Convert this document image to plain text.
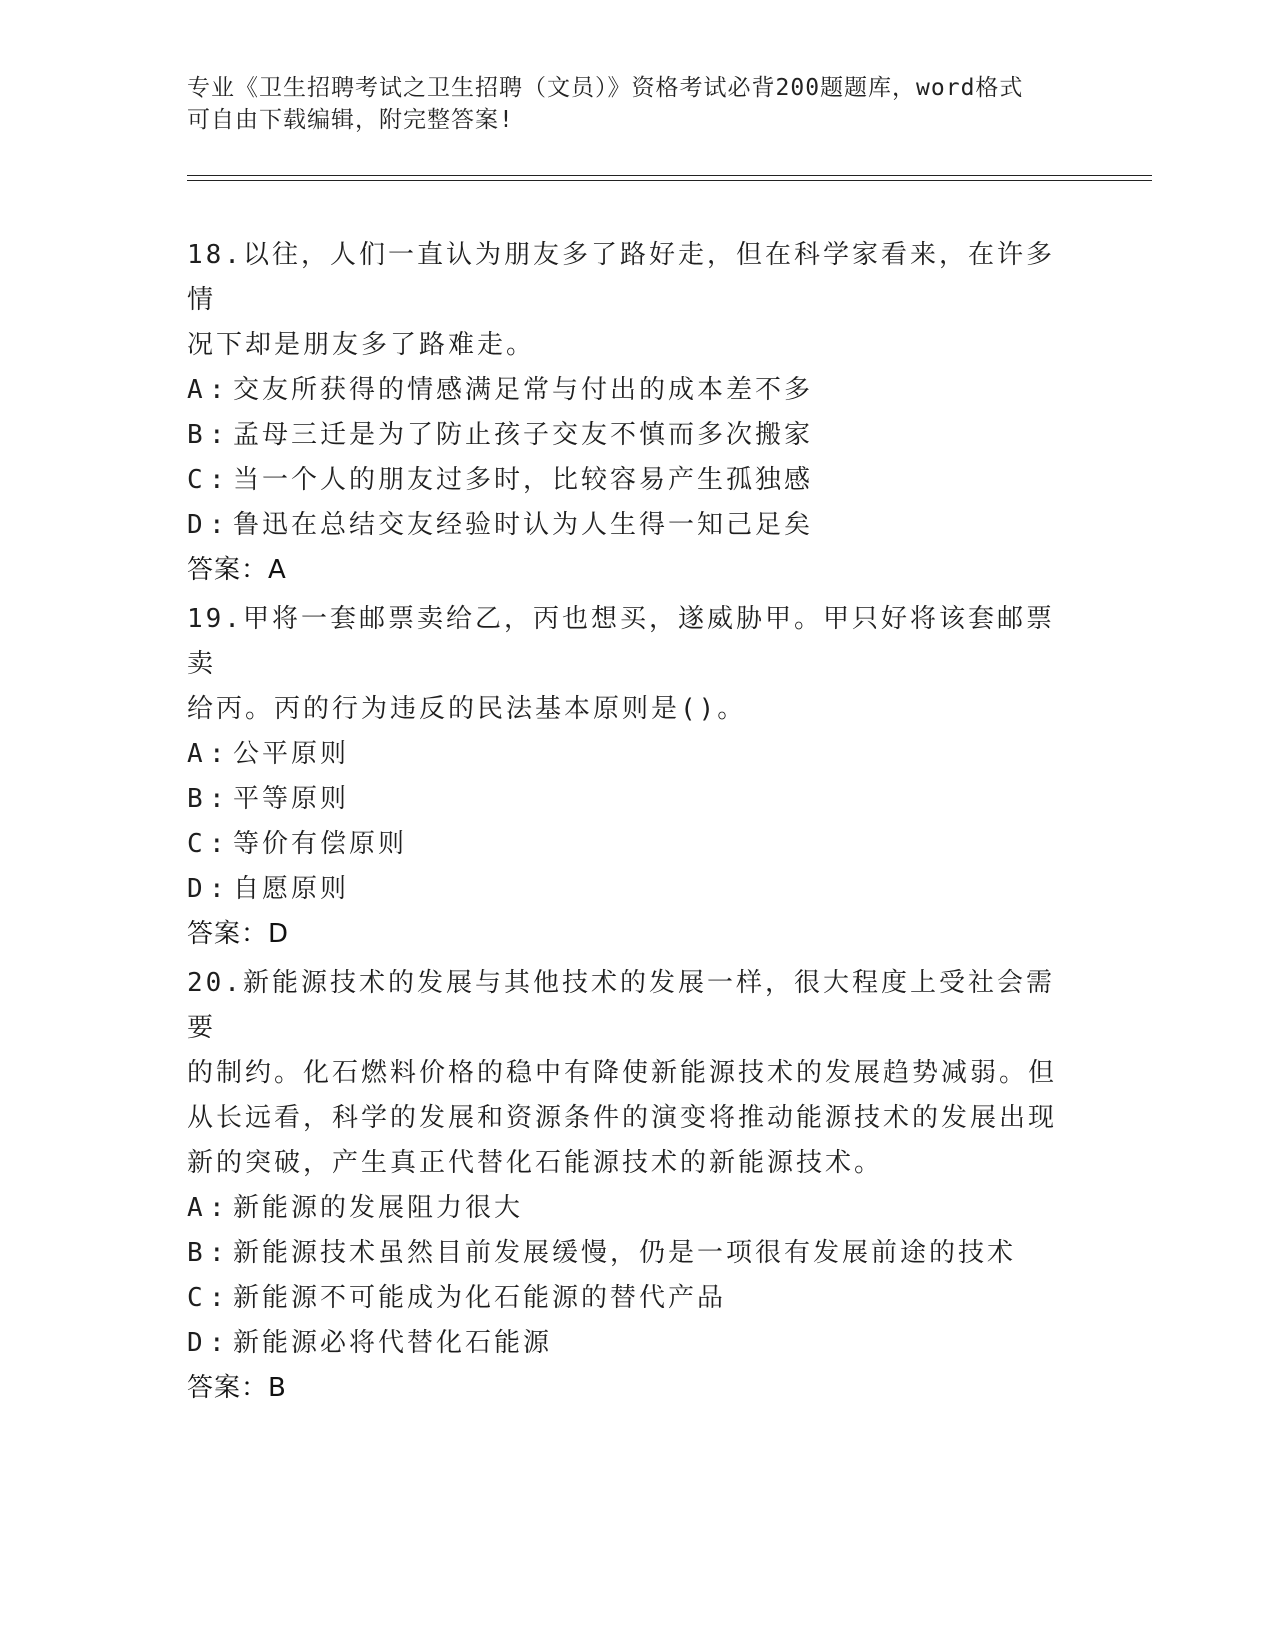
专业《卫生招聘考试之卫生招聘（文员）》资格考试必背200题题库，word格式
可自由下载编辑，附完整答案!

18.以往，人们一直认为朋友多了路好走，但在科学家看来，在许多情

况下却是朋友多了路难走。

A : 交友所获得的情感满足常与付出的成本差不多

B : 孟母三迁是为了防止孩子交友不慎而多次搬家

C : 当一个人的朋友过多时，比较容易产生孤独感

D : 鲁迅在总结交友经验时认为人生得一知己足矣

答案：A

19.甲将一套邮票卖给乙，丙也想买，遂威胁甲。甲只好将该套邮票卖

给丙。丙的行为违反的民法基本原则是()。

A : 公平原则

B : 平等原则

C : 等价有偿原则

D : 自愿原则

答案：D

20.新能源技术的发展与其他技术的发展一样，很大程度上受社会需要

的制约。化石燃料价格的稳中有降使新能源技术的发展趋势减弱。但

从长远看，科学的发展和资源条件的演变将推动能源技术的发展出现

新的突破，产生真正代替化石能源技术的新能源技术。

A : 新能源的发展阻力很大

B : 新能源技术虽然目前发展缓慢，仍是一项很有发展前途的技术

C : 新能源不可能成为化石能源的替代产品

D : 新能源必将代替化石能源

答案：B
